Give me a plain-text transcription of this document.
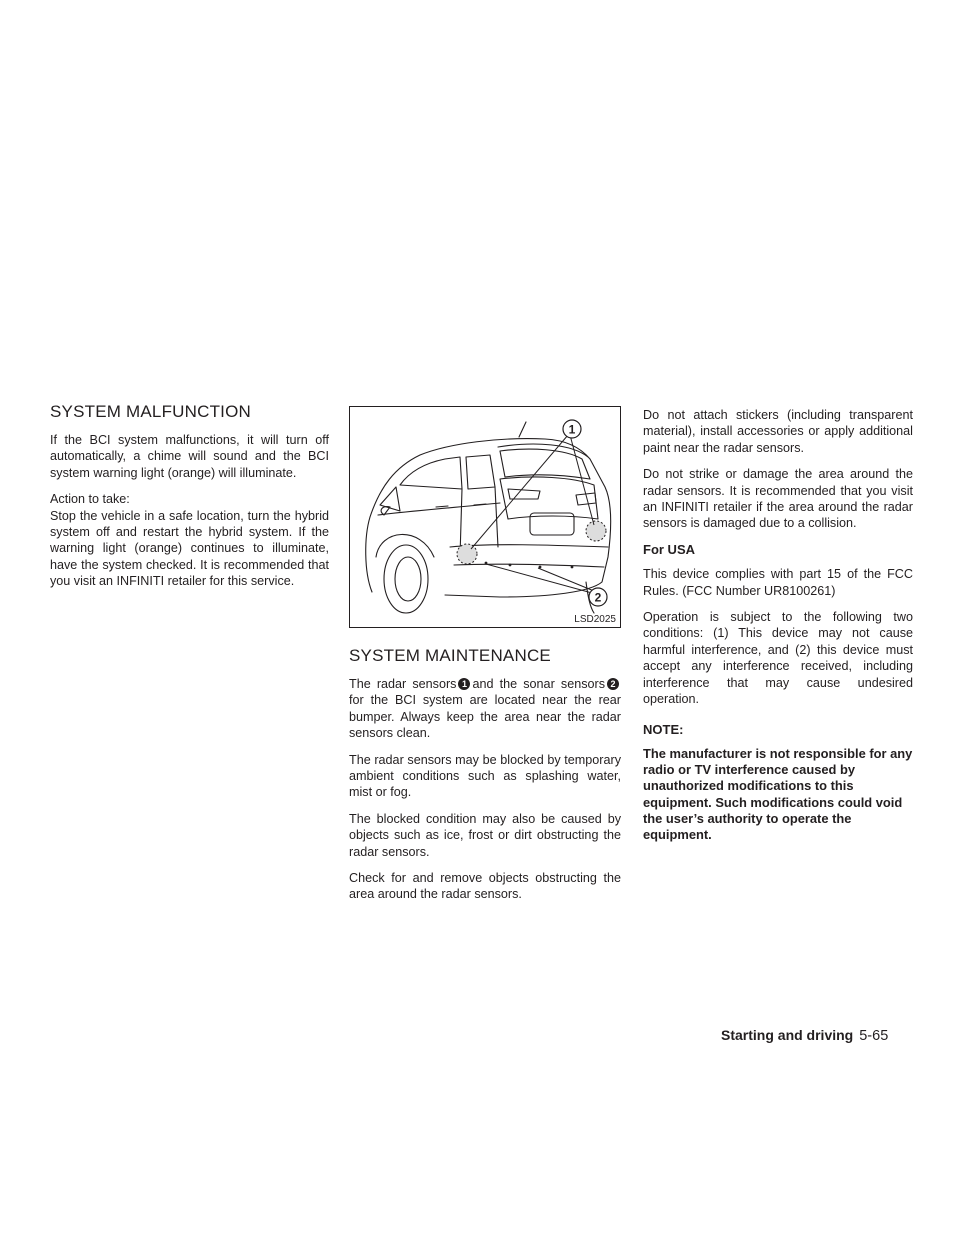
SYSTEM MALFUNCTION

If the BCI system malfunctions, it will turn off automatically, a chime will sound and the BCI system warning light (orange) will illuminate.

Action to take:

Stop the vehicle in a safe location, turn the hybrid system off and restart the hybrid system. If the warning light (orange) continues to illuminate, have the system checked. It is recommended that you visit an INFINITI retailer for this service.

1
2
LSD2025
SYSTEM MAINTENANCE

The radar sensors 1 and the sonar sensors 2 for the BCI system are located near the rear bumper. Always keep the area near the radar sensors clean.

The radar sensors may be blocked by temporary ambient conditions such as splashing water, mist or fog.

The blocked condition may also be caused by objects such as ice, frost or dirt obstructing the radar sensors.

Check for and remove objects obstructing the area around the radar sensors.

Do not attach stickers (including transparent material), install accessories or apply additional paint near the radar sensors.

Do not strike or damage the area around the radar sensors. It is recommended that you visit an INFINITI retailer if the area around the radar sensors is damaged due to a collision.

For USA

This device complies with part 15 of the FCC Rules. (FCC Number UR8100261)

Operation is subject to the following two conditions: (1) This device may not cause harmful interference, and (2) this device must accept any interference received, including interference that may cause undesired operation.

NOTE:

The manufacturer is not responsible for any radio or TV interference caused by unauthorized modifications to this equipment. Such modifications could void the user’s authority to operate the equipment.

Starting and driving 5-65
